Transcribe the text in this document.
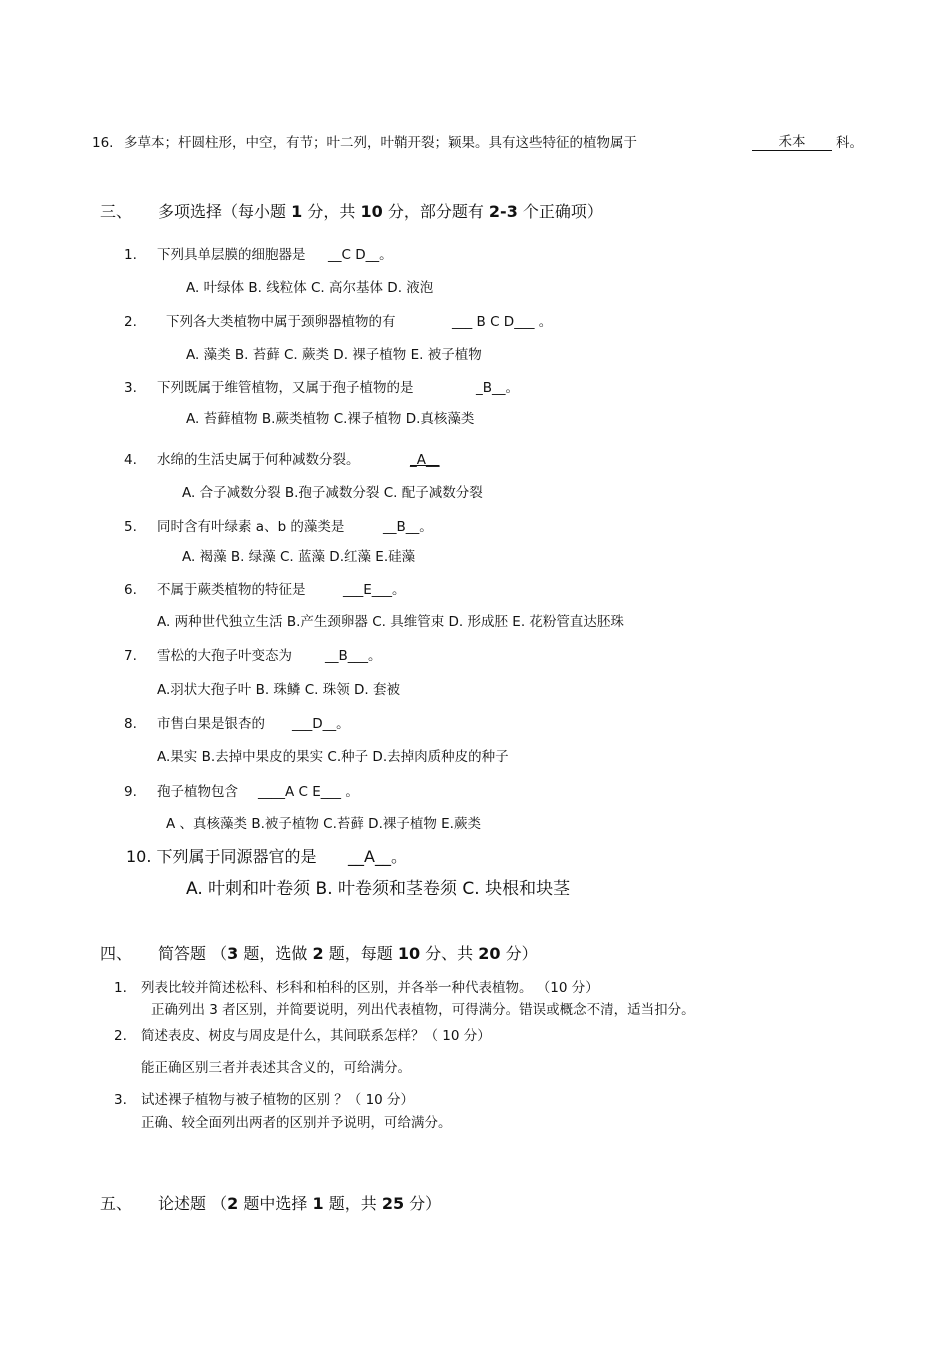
16. 多草本；杆圆柱形，中空，有节；叶二列，叶鞘开裂；颖果。具有这些特征的植物属于	禾本	科。
三、 多项选择（每小题 1 分，共 10 分，部分题有 2-3 个正确项）
1. 下列具单层膜的细胞器是 __C D__。
A. 叶绿体 B. 线粒体 C. 高尔基体 D. 液泡
2. 下列各大类植物中属于颈卵器植物的有	___ B C D___ 。
A. 藻类 B. 苔藓 C. 蕨类 D. 裸子植物 E. 被子植物
3. 下列既属于维管植物，又属于孢子植物的是	_B__。
A. 苔藓植物 B.蕨类植物 C.裸子植物 D.真核藻类
4. 水绵的生活史属于何种减数分裂。	_A__
A. 合子减数分裂 B.孢子减数分裂 C. 配子减数分裂
5. 同时含有叶绿素 a、b 的藻类是	__B__。
A. 褐藻 B. 绿藻 C. 蓝藻 D.红藻 E.硅藻
6. 不属于蕨类植物的特征是	___E___。
A. 两种世代独立生活 B.产生颈卵器 C. 具维管束 D. 形成胚 E. 花粉管直达胚珠
7. 雪松的大孢子叶变态为 __B___。
A.羽状大孢子叶 B. 珠鳞 C. 珠领 D. 套被
8. 市售白果是银杏的 ___D__。
A.果实 B.去掉中果皮的果实 C.种子 D.去掉肉质种皮的种子
9. 孢子植物包含 ____A C E___ 。
A 、真核藻类 B.被子植物 C.苔藓 D.裸子植物 E.蕨类
10. 下列属于同源器官的是 __A__。
A. 叶刺和叶卷须 B. 叶卷须和茎卷须 C. 块根和块茎
四、 简答题 （3 题，选做 2 题，每题 10 分、共 20 分）
1. 列表比较并简述松科、杉科和柏科的区别，并各举一种代表植物。 （10 分）
正确列出 3 者区别，并简要说明，列出代表植物，可得满分。错误或概念不清，适当扣分。
2. 简述表皮、树皮与周皮是什么，其间联系怎样？（ 10 分）
能正确区别三者并表述其含义的，可给满分。
3. 试述裸子植物与被子植物的区别 ？（ 10 分）
正确、较全面列出两者的区别并予说明，可给满分。
五、 论述题 （2 题中选择 1 题，共 25 分）
